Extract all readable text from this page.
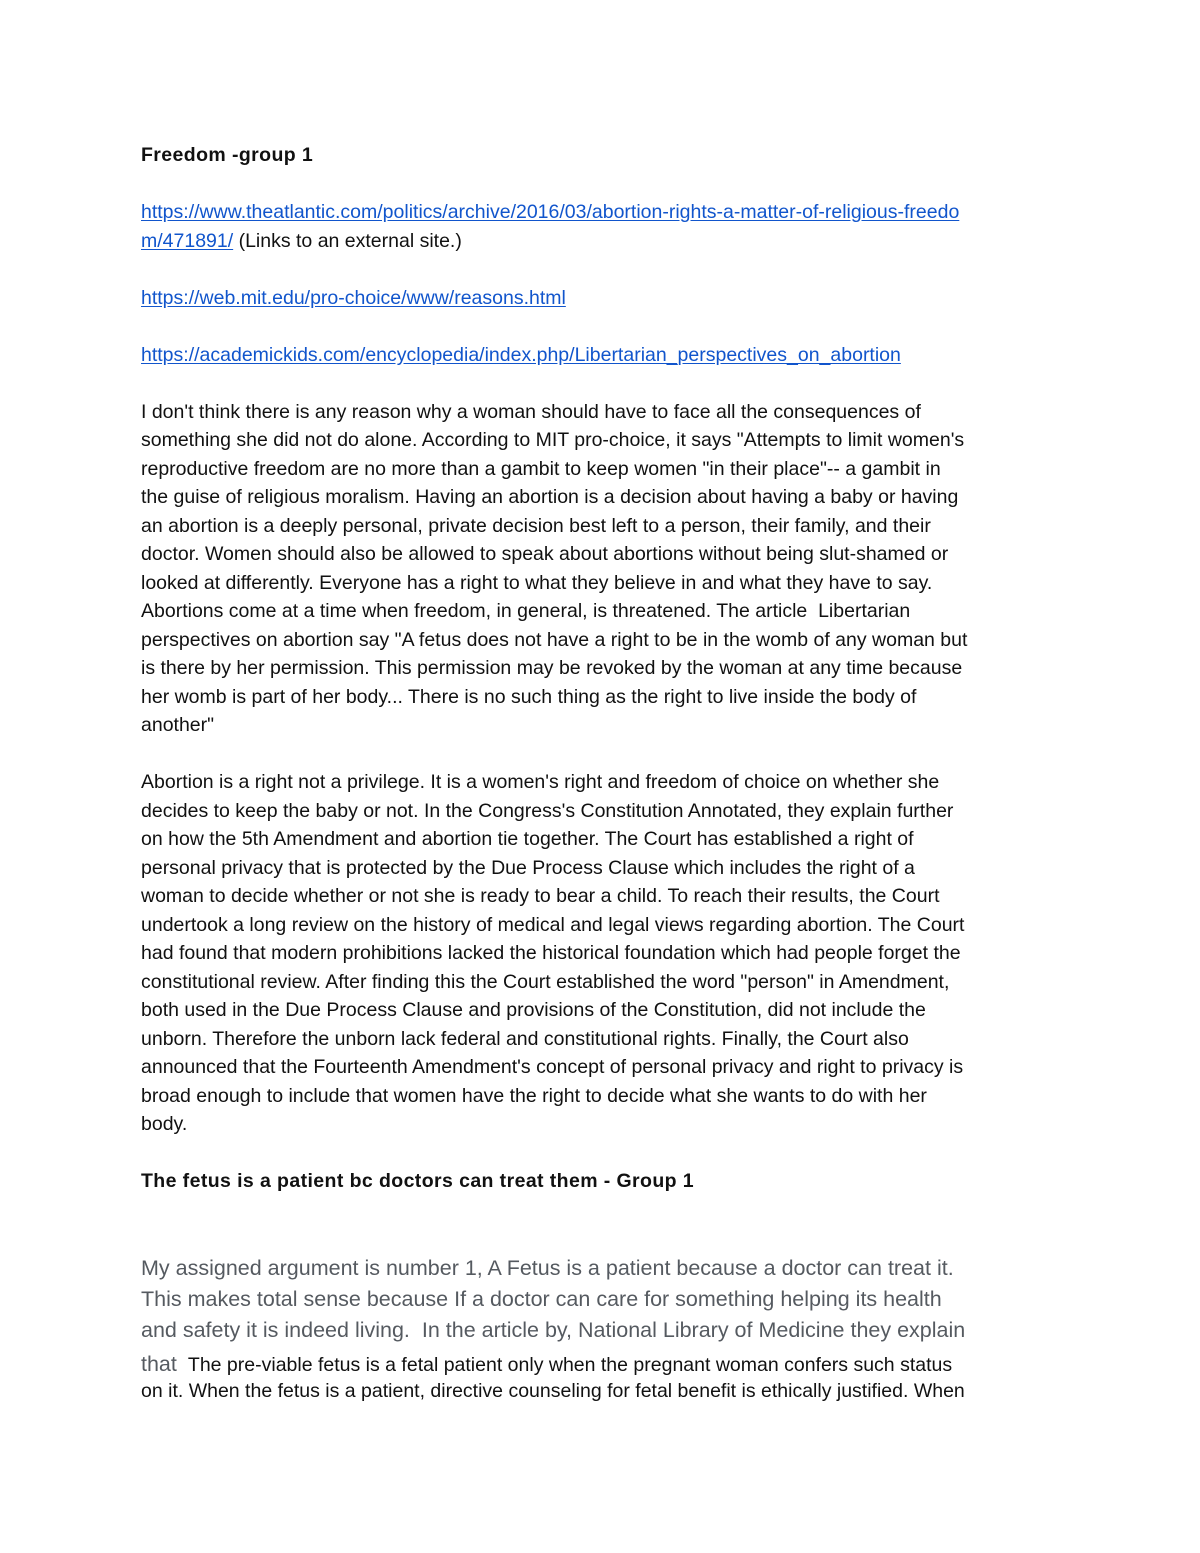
Freedom -group 1
https://www.theatlantic.com/politics/archive/2016/03/abortion-rights-a-matter-of-religious-freedo
m/471891/ (Links to an external site.)
https://web.mit.edu/pro-choice/www/reasons.html
https://academickids.com/encyclopedia/index.php/Libertarian_perspectives_on_abortion
I don't think there is any reason why a woman should have to face all the consequences of
something she did not do alone. According to MIT pro-choice, it says "Attempts to limit women's
reproductive freedom are no more than a gambit to keep women "in their place"-- a gambit in
the guise of religious moralism. Having an abortion is a decision about having a baby or having
an abortion is a deeply personal, private decision best left to a person, their family, and their
doctor. Women should also be allowed to speak about abortions without being slut-shamed or
looked at differently. Everyone has a right to what they believe in and what they have to say.
Abortions come at a time when freedom, in general, is threatened. The article  Libertarian
perspectives on abortion say "A fetus does not have a right to be in the womb of any woman but
is there by her permission. This permission may be revoked by the woman at any time because
her womb is part of her body... There is no such thing as the right to live inside the body of
another"
Abortion is a right not a privilege. It is a women's right and freedom of choice on whether she
decides to keep the baby or not. In the Congress's Constitution Annotated, they explain further
on how the 5th Amendment and abortion tie together. The Court has established a right of
personal privacy that is protected by the Due Process Clause which includes the right of a
woman to decide whether or not she is ready to bear a child. To reach their results, the Court
undertook a long review on the history of medical and legal views regarding abortion. The Court
had found that modern prohibitions lacked the historical foundation which had people forget the
constitutional review. After finding this the Court established the word "person" in Amendment,
both used in the Due Process Clause and provisions of the Constitution, did not include the
unborn. Therefore the unborn lack federal and constitutional rights. Finally, the Court also
announced that the Fourteenth Amendment's concept of personal privacy and right to privacy is
broad enough to include that women have the right to decide what she wants to do with her
body.
The fetus is a patient bc doctors can treat them - Group 1
My assigned argument is number 1, A Fetus is a patient because a doctor can treat it.
This makes total sense because If a doctor can care for something helping its health
and safety it is indeed living.  In the article by, National Library of Medicine they explain
that  The pre-viable fetus is a fetal patient only when the pregnant woman confers such status
on it. When the fetus is a patient, directive counseling for fetal benefit is ethically justified. When
